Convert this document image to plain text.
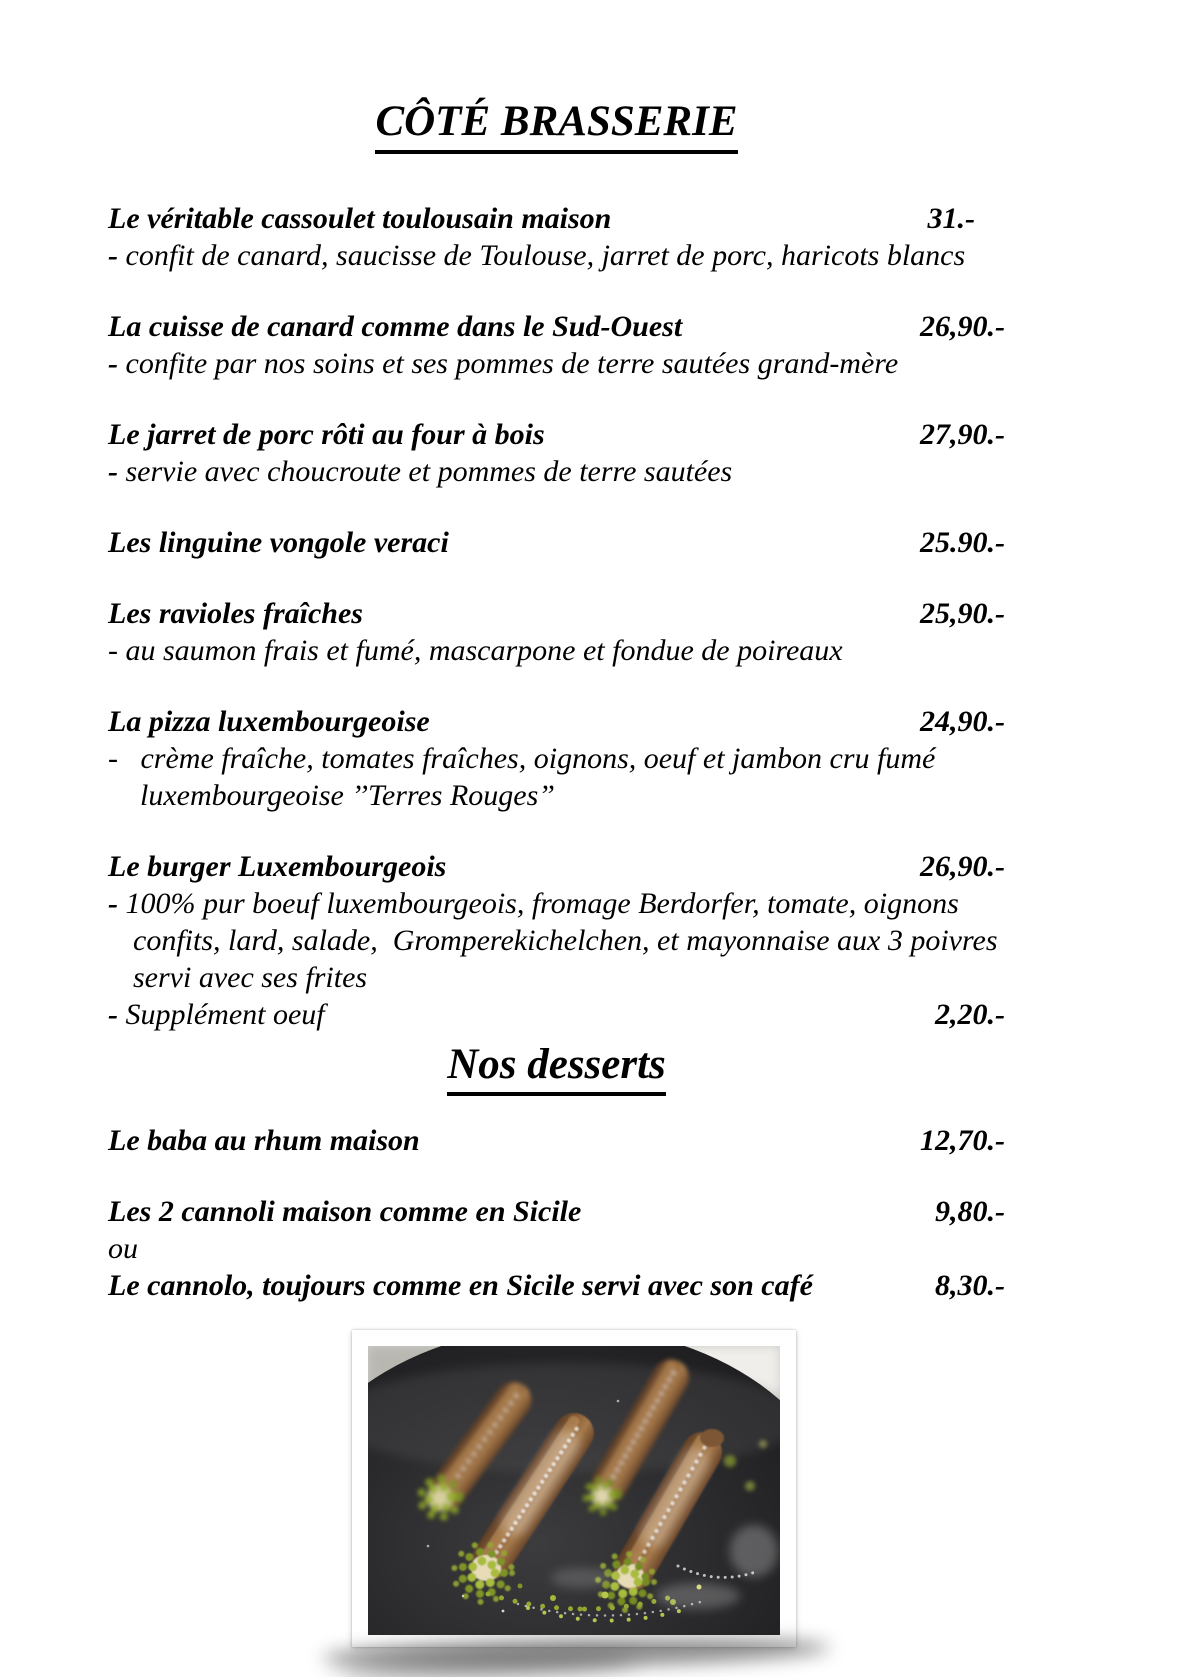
CÔTÉ BRASSERIE
Le véritable cassoulet toulousain maison	31.-
- confit de canard, saucisse de Toulouse, jarret de porc, haricots blancs
La cuisse de canard comme dans le Sud-Ouest	26,90.-
- confite par nos soins et ses pommes de terre sautées grand-mère
Le jarret de porc rôti au four à bois	27,90.-
- servie avec choucroute et pommes de terre sautées
Les linguine vongole veraci	25.90.-
Les ravioles fraîches	25,90.-
- au saumon frais et fumé, mascarpone et fondue de poireaux
La pizza luxembourgeoise	24,90.-
-   crème fraîche, tomates fraîches, oignons, oeuf et jambon cru fumé
luxembourgeoise ’’Terres Rouges”
Le burger Luxembourgeois	26,90.-
- 100% pur boeuf luxembourgeois, fromage Berdorfer, tomate, oignons
confits, lard, salade,  Gromperekichelchen, et mayonnaise aux 3 poivres
servi avec ses frites
- Supplément oeuf	2,20.-
Nos desserts
Le baba au rhum maison	12,70.-
Les 2 cannoli maison comme en Sicile	9,80.-
ou
Le cannolo, toujours comme en Sicile servi avec son café	8,30.-
